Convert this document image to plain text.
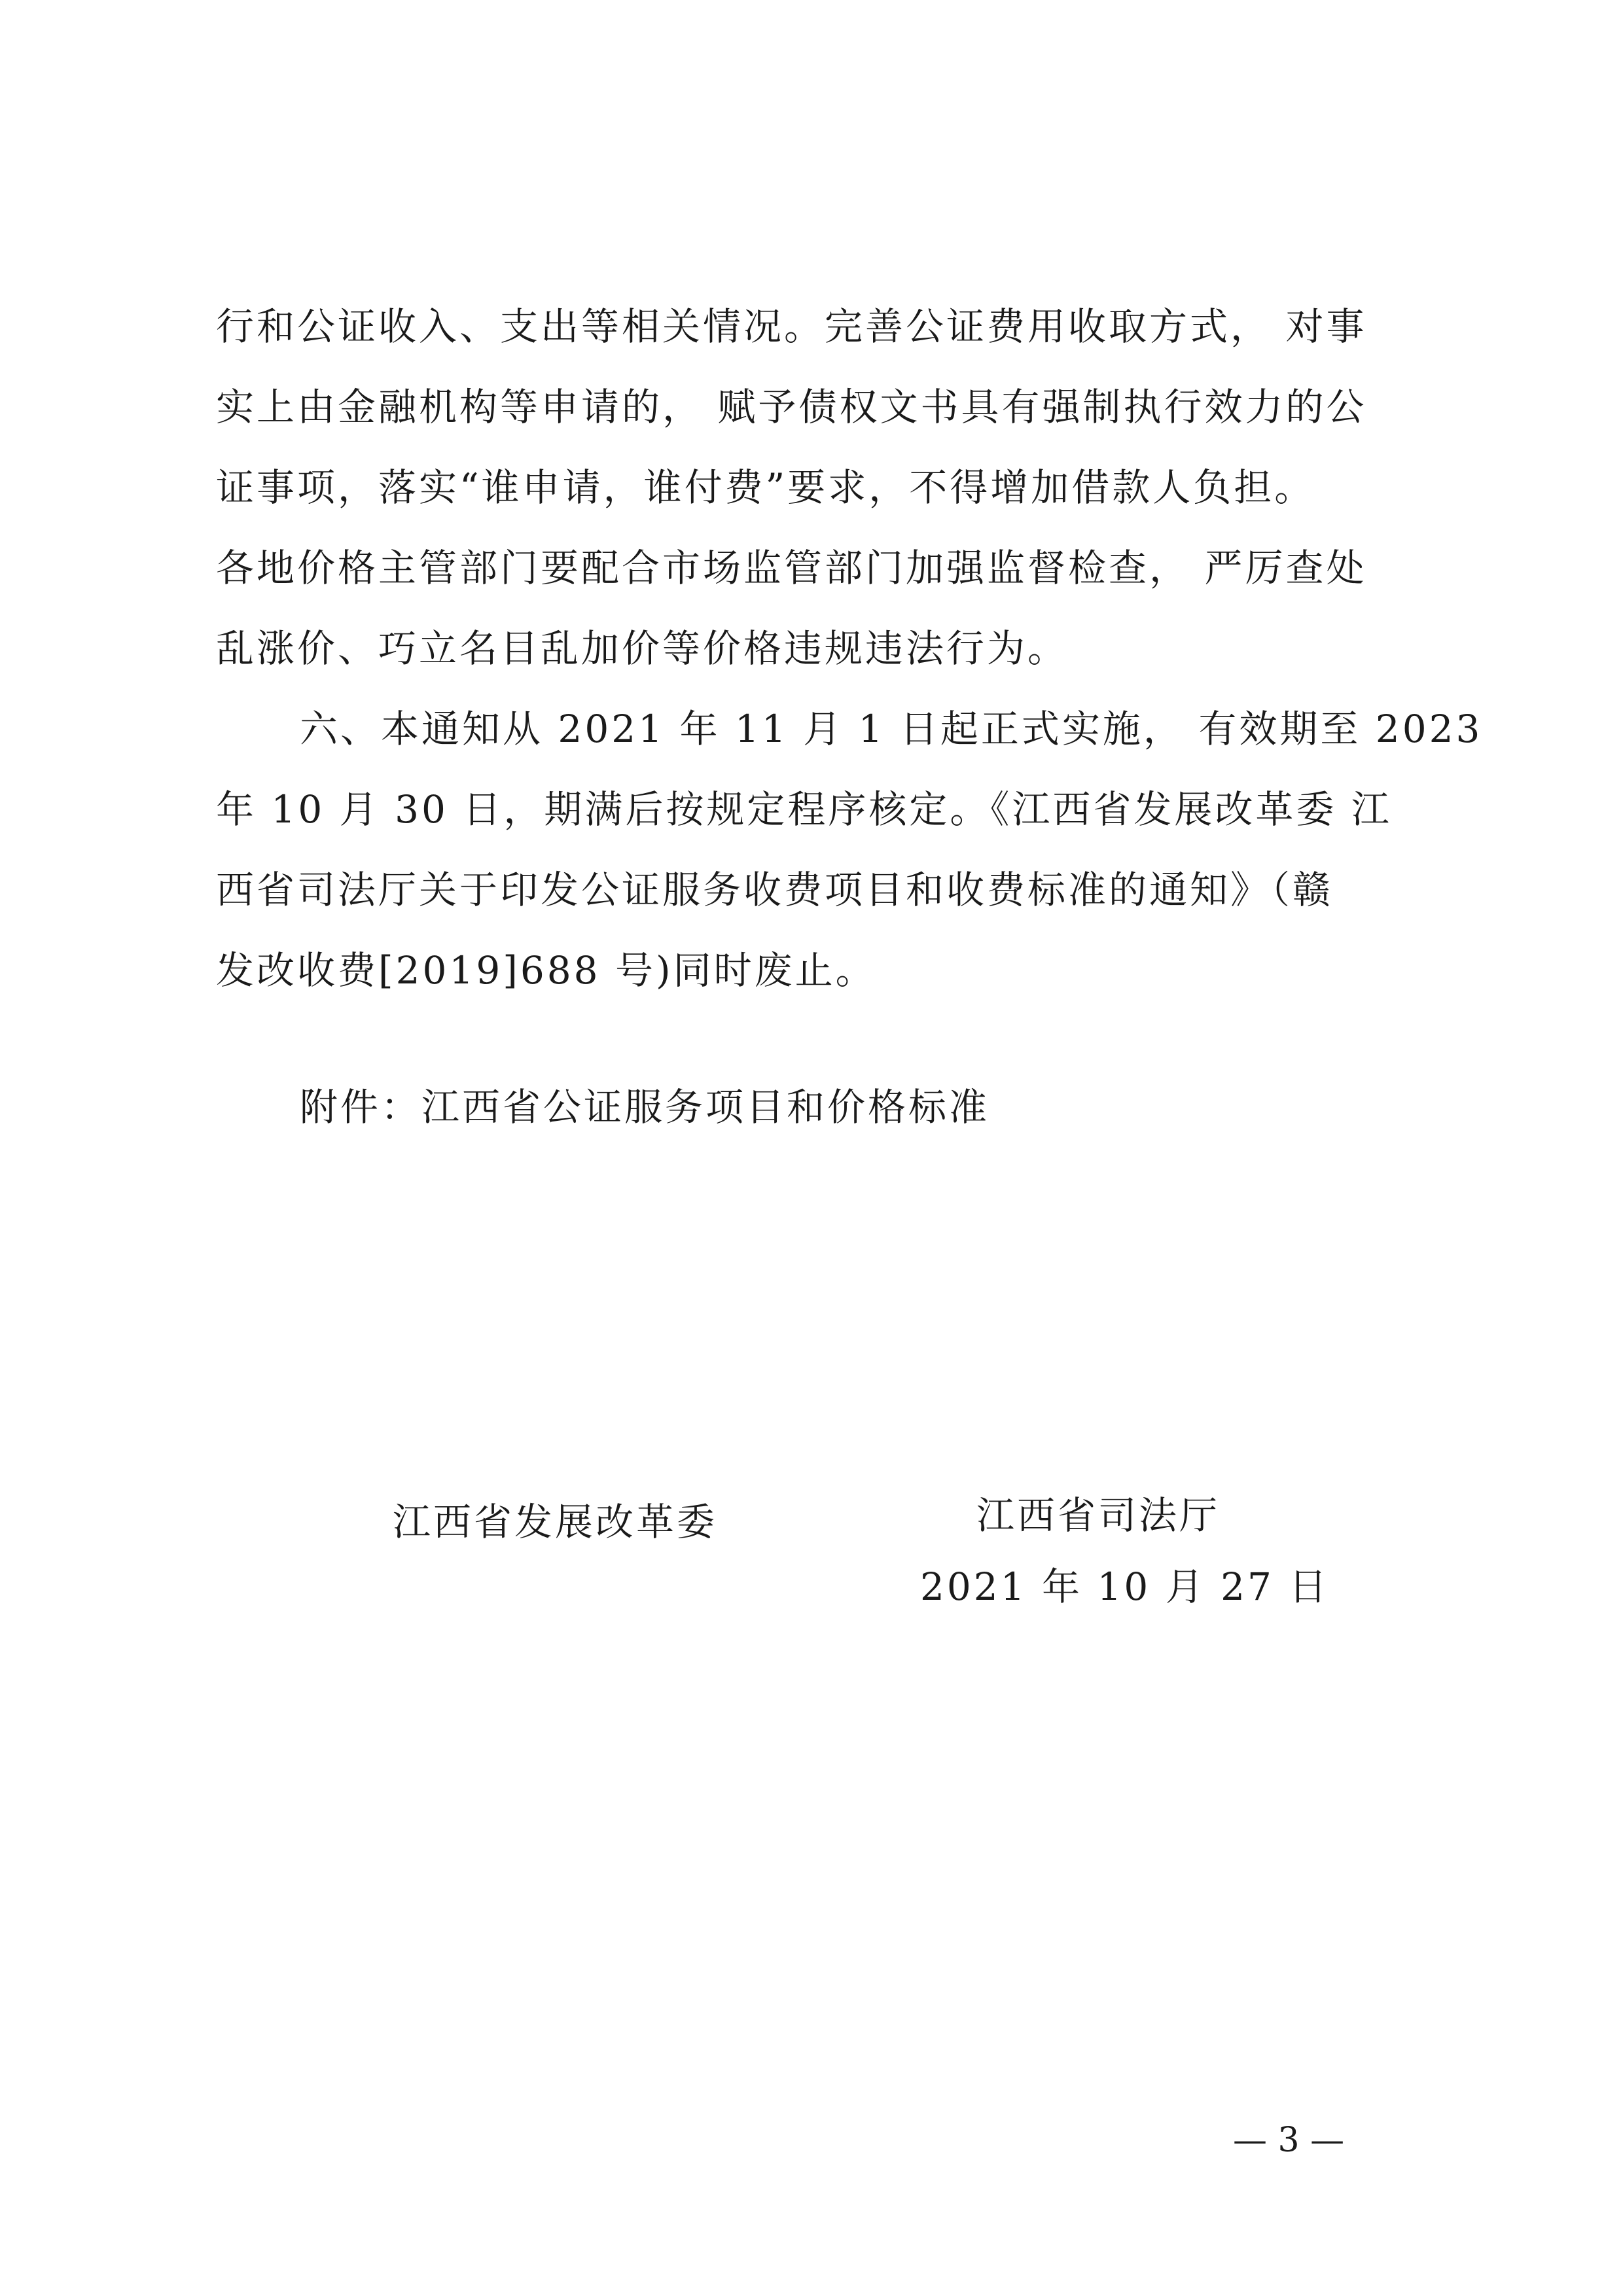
行和公证收入、支出等相关情况。完善公证费用收取方式， 对事
实上由金融机构等申请的， 赋予债权文书具有强制执行效力的公
证事项，落实“谁申请，谁付费”要求，不得增加借款人负担。
各地价格主管部门要配合市场监管部门加强监督检查， 严厉查处
乱涨价、巧立名目乱加价等价格违规违法行为。
六、本通知从 2021 年 11 月 1 日起正式实施， 有效期至 2023
年 10 月 30 日，期满后按规定程序核定。《江西省发展改革委 江
西省司法厅关于印发公证服务收费项目和收费标准的通知》（赣
发改收费[2019]688 号)同时废止。
附件：江西省公证服务项目和价格标准
江西省发展改革委	江西省司法厅
2021 年 10 月 27 日
— 3 —
